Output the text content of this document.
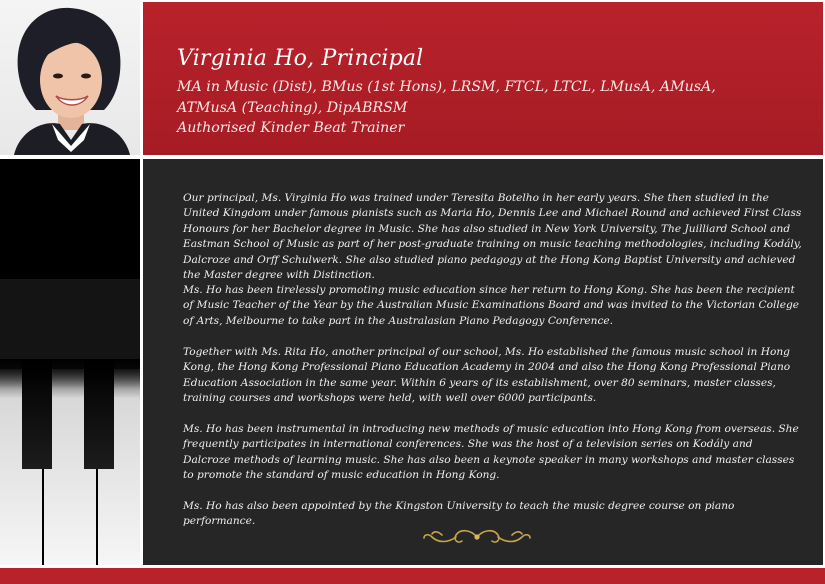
Virginia Ho, Principal
MA in Music (Dist), BMus (1st Hons), LRSM, FTCL, LTCL, LMusA, AMusA, ATMusA (Teaching), DipABRSM
Authorised Kinder Beat Trainer

Our principal, Ms. Virginia Ho was trained under Teresita Botelho in her early years. She then studied in the United Kingdom under famous pianists such as Maria Ho, Dennis Lee and Michael Round and achieved First Class Honours for her Bachelor degree in Music. She has also studied in New York University, The Juilliard School and Eastman School of Music as part of her post-graduate training on music teaching methodologies, including Kodály, Dalcroze and Orff Schulwerk. She also studied piano pedagogy at the Hong Kong Baptist University and achieved the Master degree with Distinction.

Ms. Ho has been tirelessly promoting music education since her return to Hong Kong. She has been the recipient of Music Teacher of the Year by the Australian Music Examinations Board and was invited to the Victorian College of Arts, Melbourne to take part in the Australasian Piano Pedagogy Conference.

Together with Ms. Rita Ho, another principal of our school, Ms. Ho established the famous music school in Hong Kong, the Hong Kong Professional Piano Education Academy in 2004 and also the Hong Kong Professional Piano Education Association in the same year. Within 6 years of its establishment, over 80 seminars, master classes, training courses and workshops were held, with well over 6000 participants.

Ms. Ho has been instrumental in introducing new methods of music education into Hong Kong from overseas. She frequently participates in international conferences. She was the host of a television series on Kodály and Dalcroze methods of learning music. She has also been a keynote speaker in many workshops and master classes to promote the standard of music education in Hong Kong.

Ms. Ho has also been appointed by the Kingston University to teach the music degree course on piano performance.
